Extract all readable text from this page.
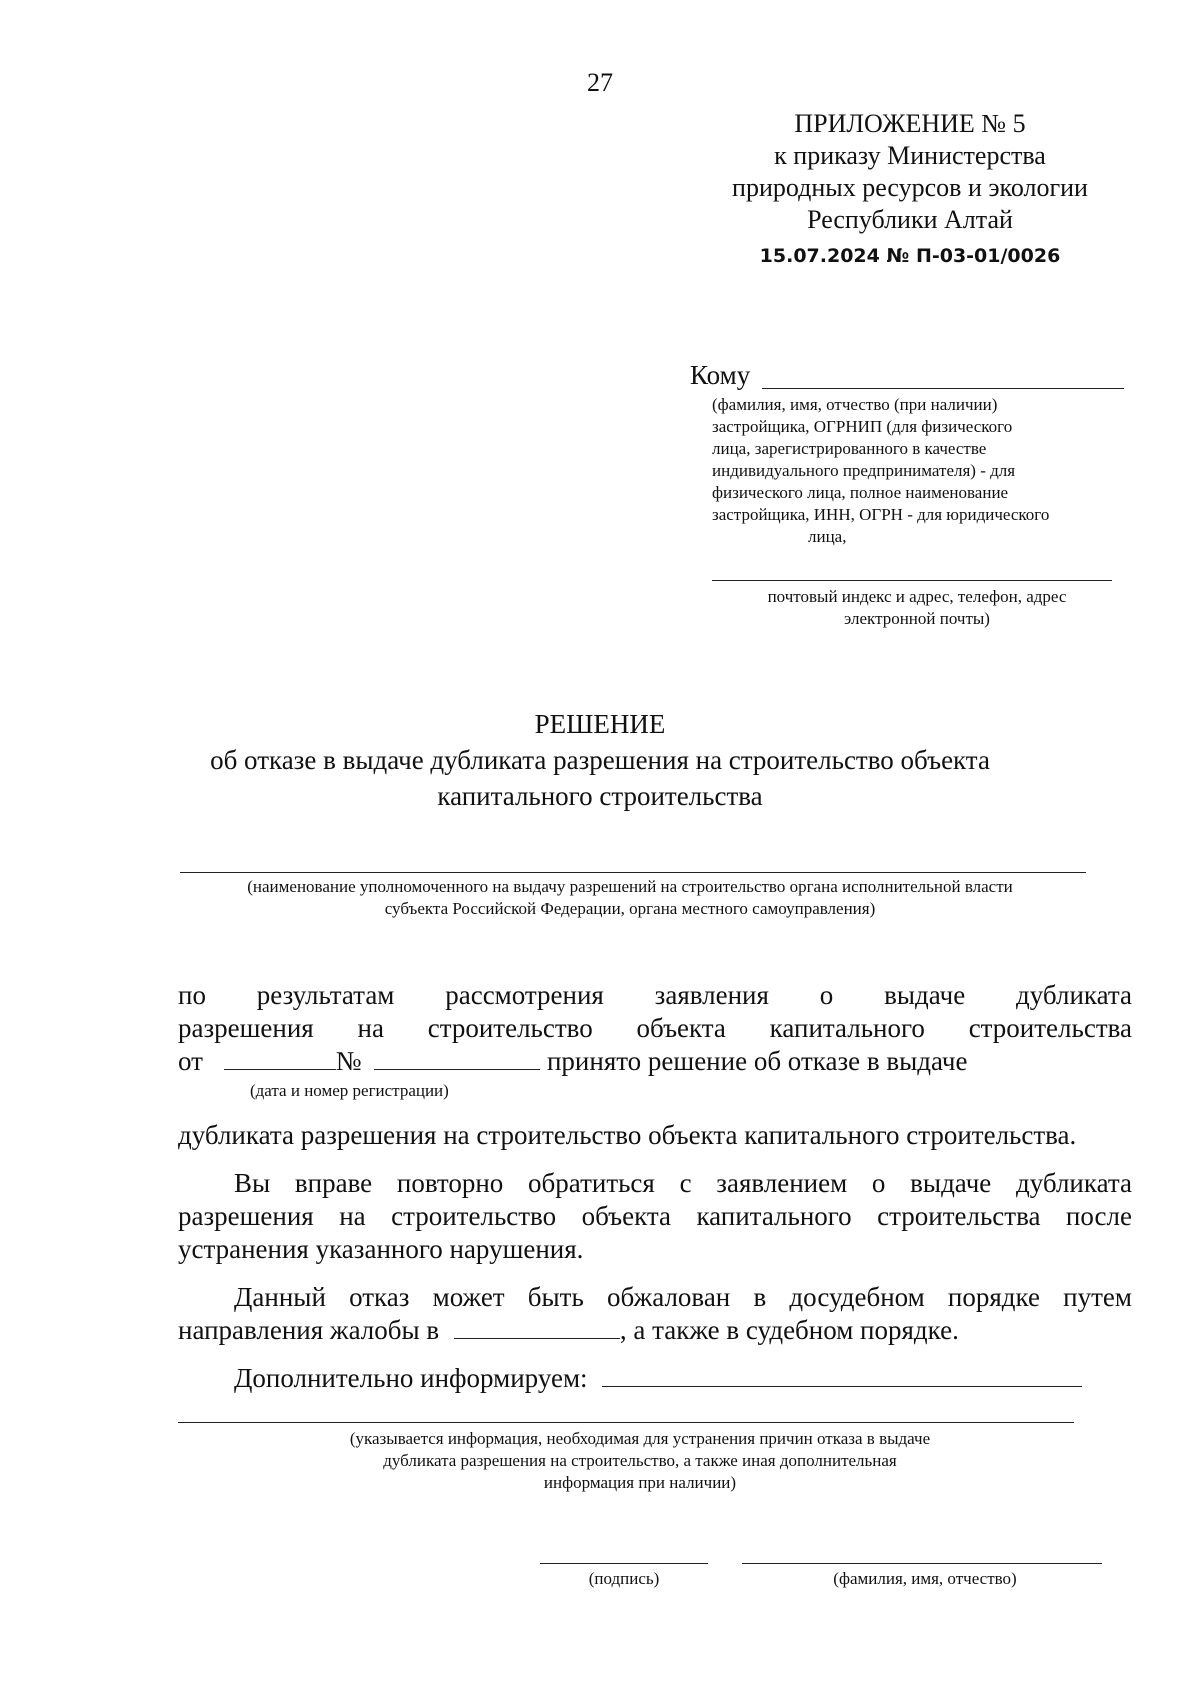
27
ПРИЛОЖЕНИЕ № 5
к приказу Министерства
природных ресурсов и экологии
Республики Алтай
15.07.2024 № П-03-01/0026
Кому
(фамилия, имя, отчество (при наличии)
застройщика, ОГРНИП (для физического
лица, зарегистрированного в качестве
индивидуального предпринимателя) - для
физического лица, полное наименование
застройщика, ИНН, ОГРН - для юридического
лица,
почтовый индекс и адрес, телефон, адрес
электронной почты)
РЕШЕНИЕ
об отказе в выдаче дубликата разрешения на строительство объекта
капитального строительства
(наименование уполномоченного на выдачу разрешений на строительство органа исполнительной власти
субъекта Российской Федерации, органа местного самоуправления)
по результатам рассмотрения заявления о выдаче дубликата
разрешения на строительство объекта капитального строительства
от	№	принято решение об отказе в выдаче
(дата и номер регистрации)
дубликата разрешения на строительство объекта капитального строительства.
Вы вправе повторно обратиться с заявлением о выдаче дубликата
разрешения на строительство объекта капитального строительства после
устранения указанного нарушения.
Данный отказ может быть обжалован в досудебном порядке путем
направления жалобы в	, а также в судебном порядке.
Дополнительно информируем:
(указывается информация, необходимая для устранения причин отказа в выдаче
дубликата разрешения на строительство, а также иная дополнительная
информация при наличии)
(подпись)	(фамилия, имя, отчество)
